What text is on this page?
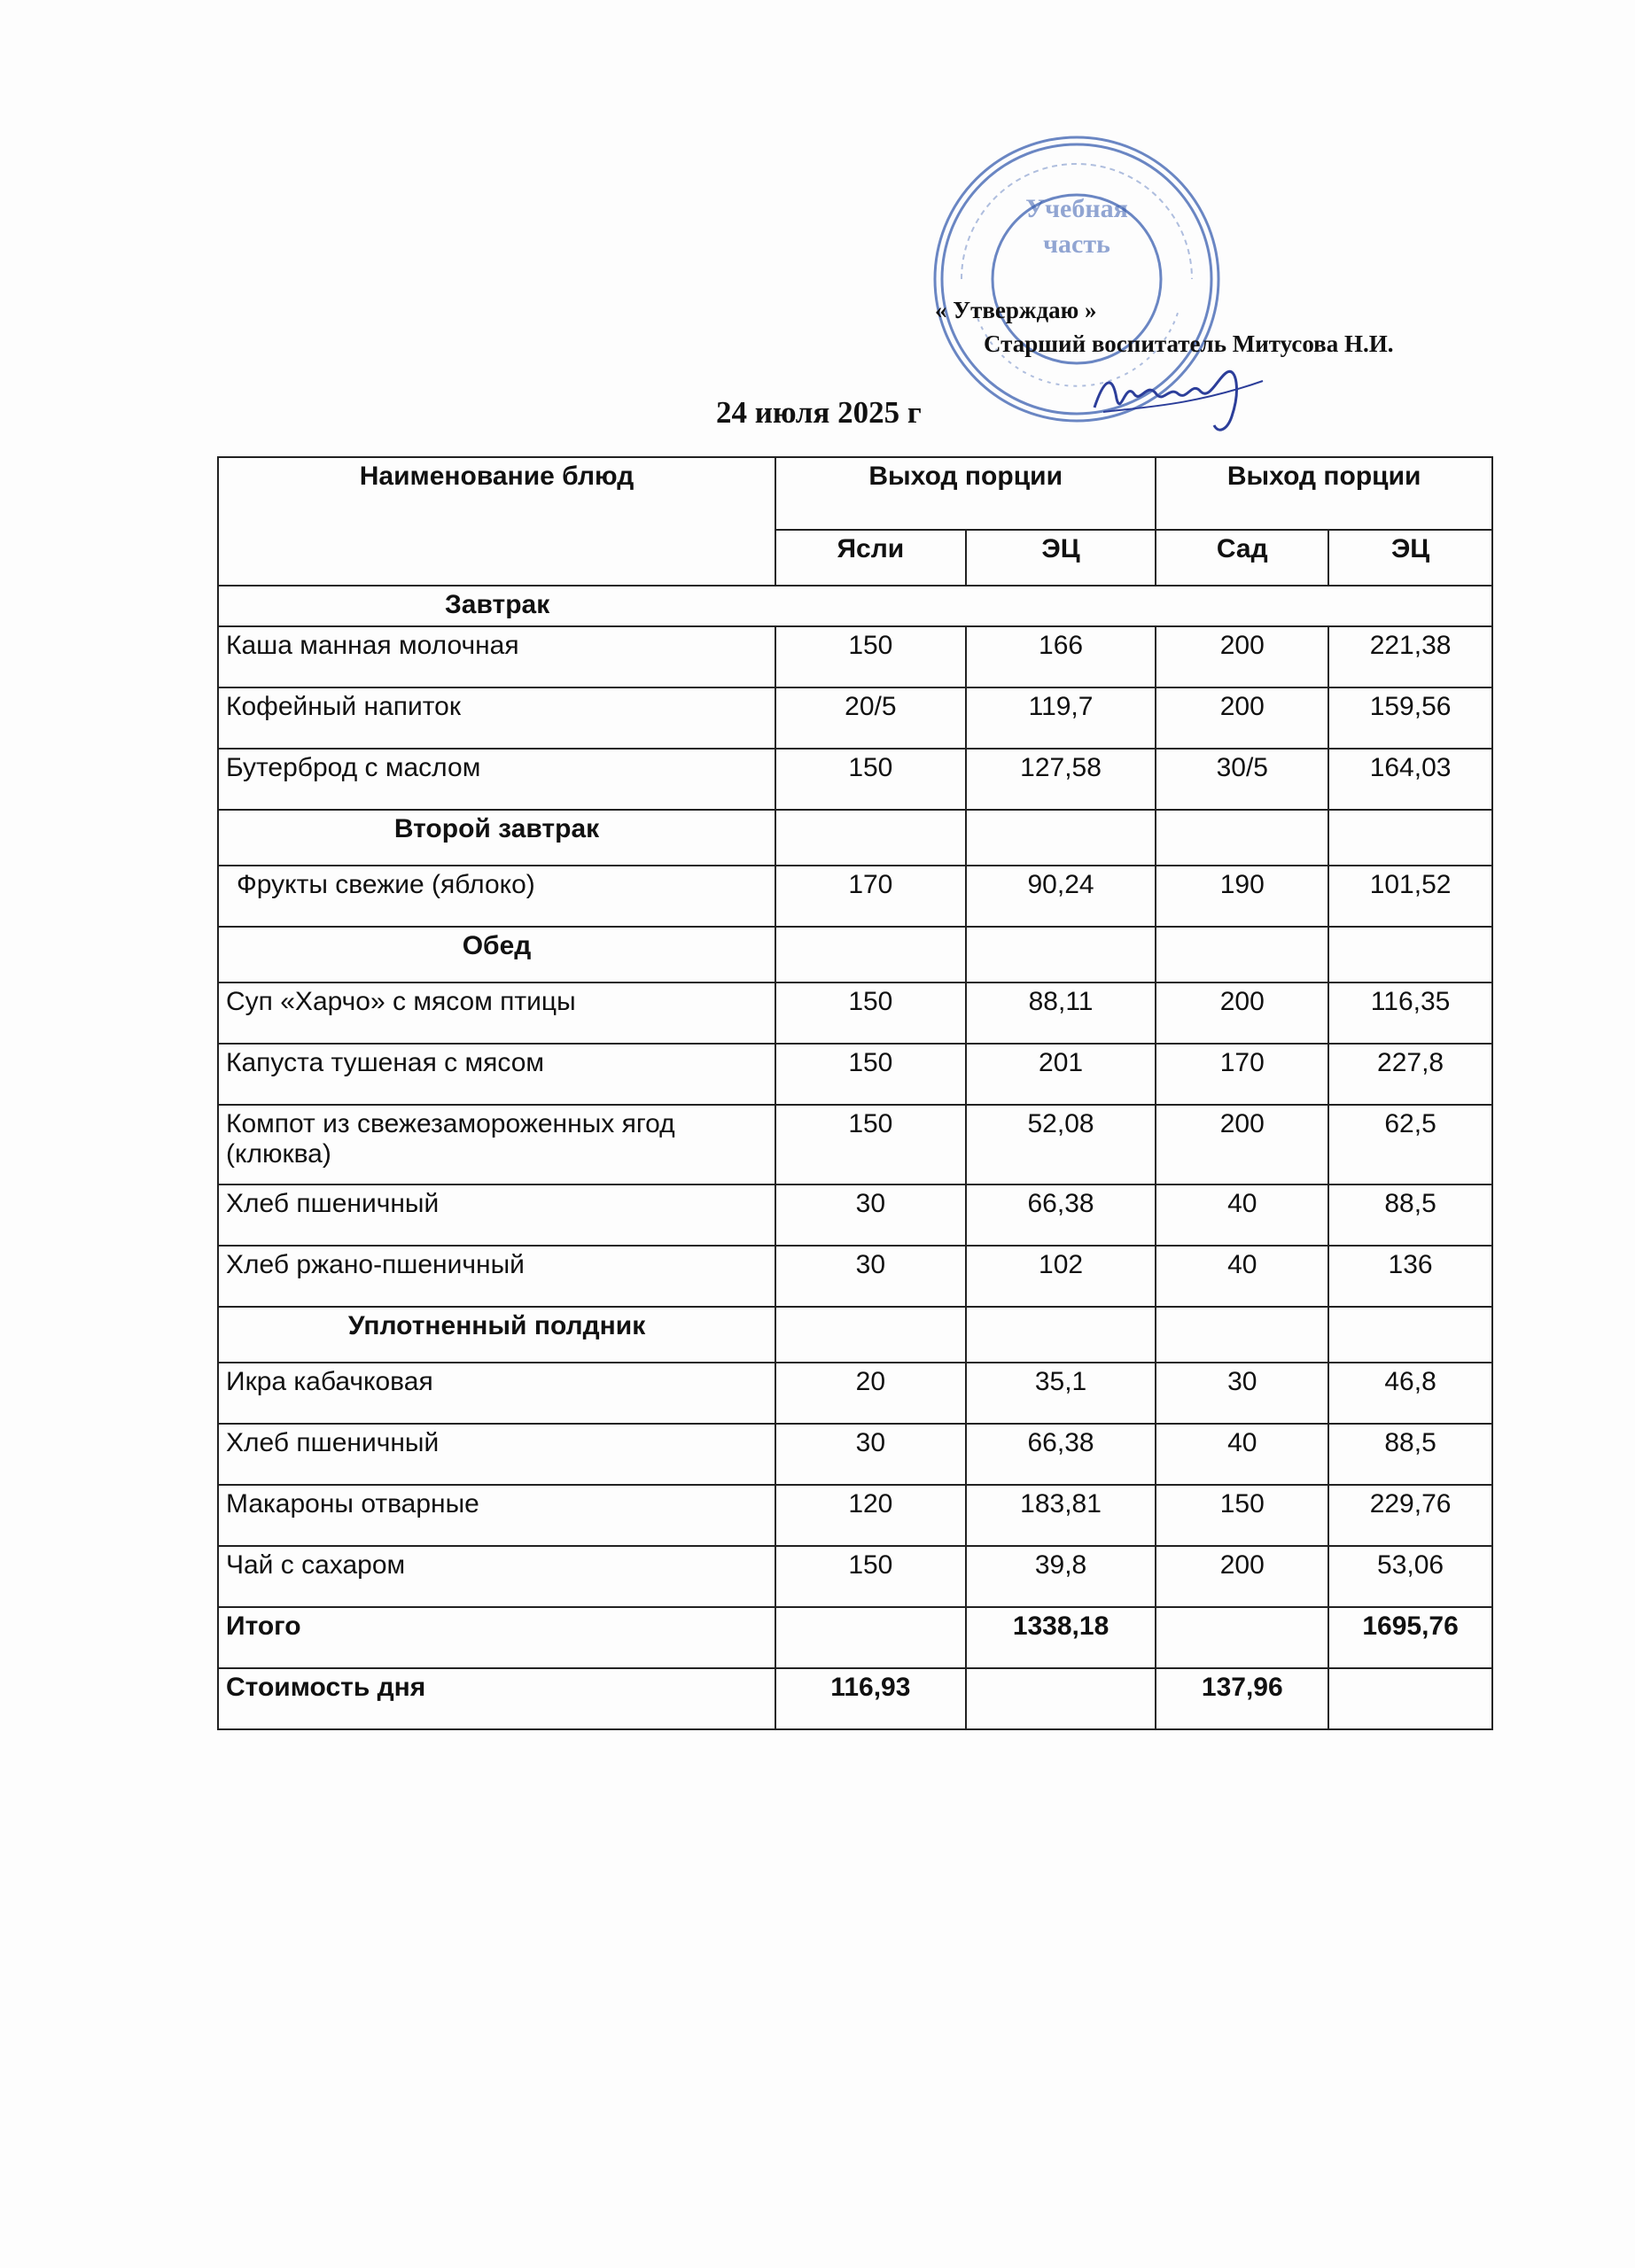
Учебная
часть
« Утверждаю »
Старший воспитатель Митусова Н.И.
24 июля 2025 г
Наименование блюд	Выход порции		Выход порции	
	Ясли	ЭЦ	Сад	ЭЦ
Завтрак				
Каша манная молочная	150	166	200	221,38
Кофейный напиток	20/5	119,7	200	159,56
Бутерброд с маслом	150	127,58	30/5	164,03
Второй завтрак				
Фрукты свежие (яблоко)	170	90,24	190	101,52
Обед				
Суп «Харчо» с мясом птицы	150	88,11	200	116,35
Капуста тушеная с мясом	150	201	170	227,8
Компот из свежезамороженных ягод (клюква)	150	52,08	200	62,5
Хлеб пшеничный	30	66,38	40	88,5
Хлеб ржано-пшеничный	30	102	40	136
Уплотненный полдник				
Икра кабачковая	20	35,1	30	46,8
Хлеб пшеничный	30	66,38	40	88,5
Макароны отварные	120	183,81	150	229,76
Чай с сахаром	150	39,8	200	53,06
Итого		1338,18		1695,76
Стоимость дня	116,93		137,96	
